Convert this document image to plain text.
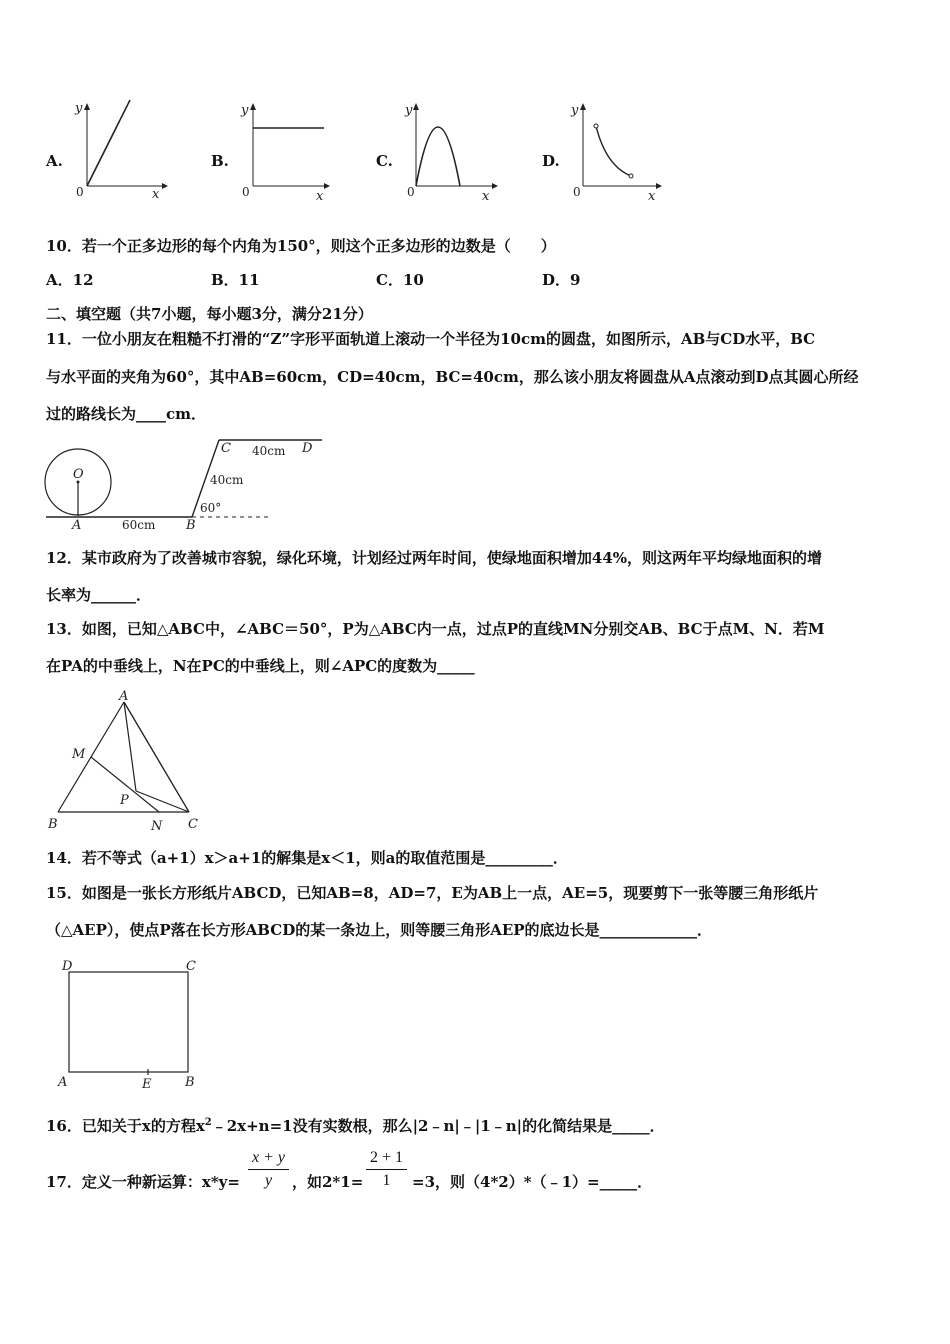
A.
y
x
0
B.
y
x
0
C.
y
x
0
D.
y
x
0
10．若一个正多边形的每个内角为150°，则这个正多边形的边数是（　　）
A．12	B．11	C．10	D．9
二、填空题（共7小题，每小题3分，满分21分）
11．一位小朋友在粗糙不打滑的“Z”字形平面轨道上滚动一个半径为10cm的圆盘，如图所示，AB与CD水平，BC
与水平面的夹角为60°，其中AB=60cm，CD=40cm，BC=40cm，那么该小朋友将圆盘从A点滚动到D点其圆心所经
过的路线长为____cm．
O
A	B
C	D
60cm
40cm
40cm
60°
12．某市政府为了改善城市容貌，绿化环境，计划经过两年时间，使绿地面积增加44%，则这两年平均绿地面积的增
长率为______．
13．如图，已知△ABC中，∠ABC＝50°，P为△ABC内一点，过点P的直线MN分别交AB、BC于点M、N．若M
在PA的中垂线上，N在PC的中垂线上，则∠APC的度数为_____
A
B	C
M
N
P
14．若不等式（a+1）x＞a+1的解集是x＜1，则a的取值范围是_________．
15．如图是一张长方形纸片ABCD，已知AB=8，AD=7，E为AB上一点，AE=5，现要剪下一张等腰三角形纸片
（△AEP），使点P落在长方形ABCD的某一条边上，则等腰三角形AEP的底边长是_____________．
D	C
A	E	B
16．已知关于x的方程$x^2﹣2x+n=1$没有实数根，那么|2﹣n|﹣|1﹣n|的化简结果是_____．
17．定义一种新运算：$x*y= \frac{x + y}{y}$ ，如$2*1= \frac{2 + 1}{1} =3$，则（4*2）*（﹣1）=_____．
